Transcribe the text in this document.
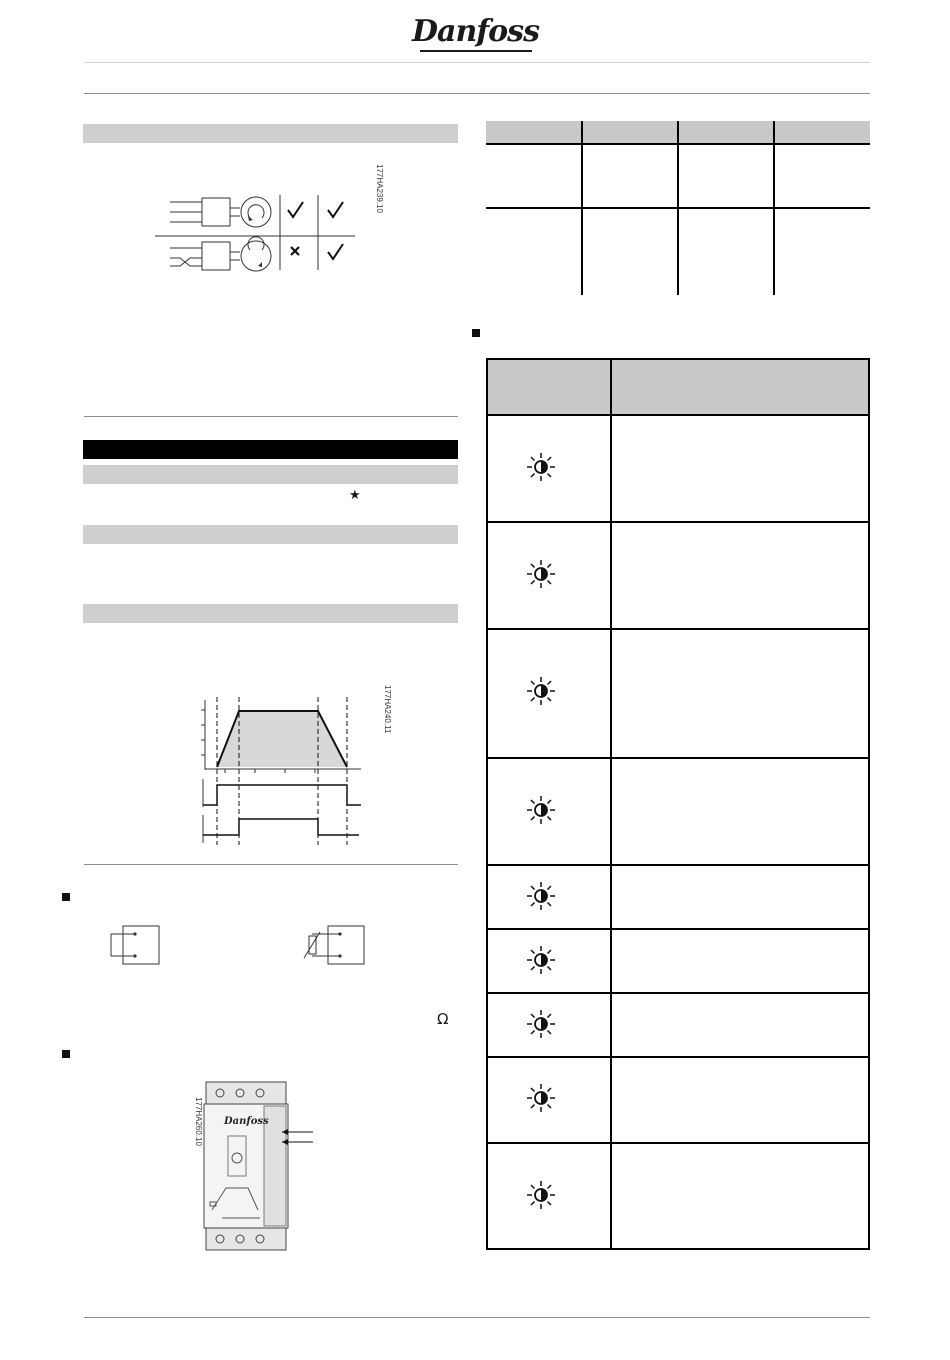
Danfoss
177HA239.10
★
177HA240.11
Ω
Danfoss
177HA260.10
